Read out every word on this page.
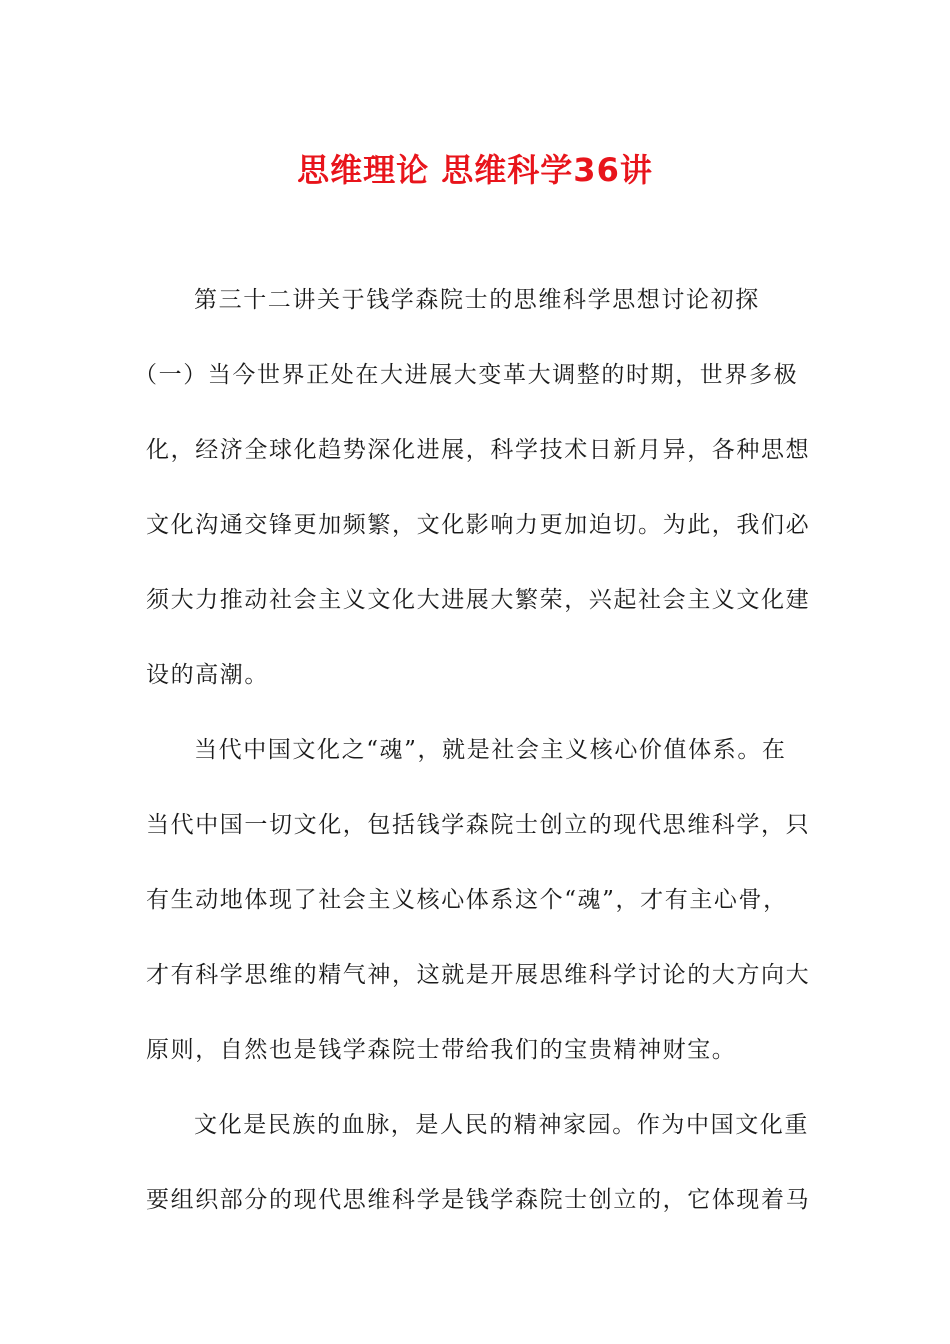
思维理论 思维科学36讲
第三十二讲关于钱学森院士的思维科学思想讨论初探
（一）当今世界正处在大进展大变革大调整的时期，世界多极
化，经济全球化趋势深化进展，科学技术日新月异，各种思想
文化沟通交锋更加频繁，文化影响力更加迫切。为此，我们必
须大力推动社会主义文化大进展大繁荣，兴起社会主义文化建
设的高潮。
当代中国文化之“魂”，就是社会主义核心价值体系。在
当代中国一切文化，包括钱学森院士创立的现代思维科学，只
有生动地体现了社会主义核心体系这个“魂”，才有主心骨，
才有科学思维的精气神，这就是开展思维科学讨论的大方向大
原则，自然也是钱学森院士带给我们的宝贵精神财宝。
文化是民族的血脉，是人民的精神家园。作为中国文化重
要组织部分的现代思维科学是钱学森院士创立的，它体现着马
